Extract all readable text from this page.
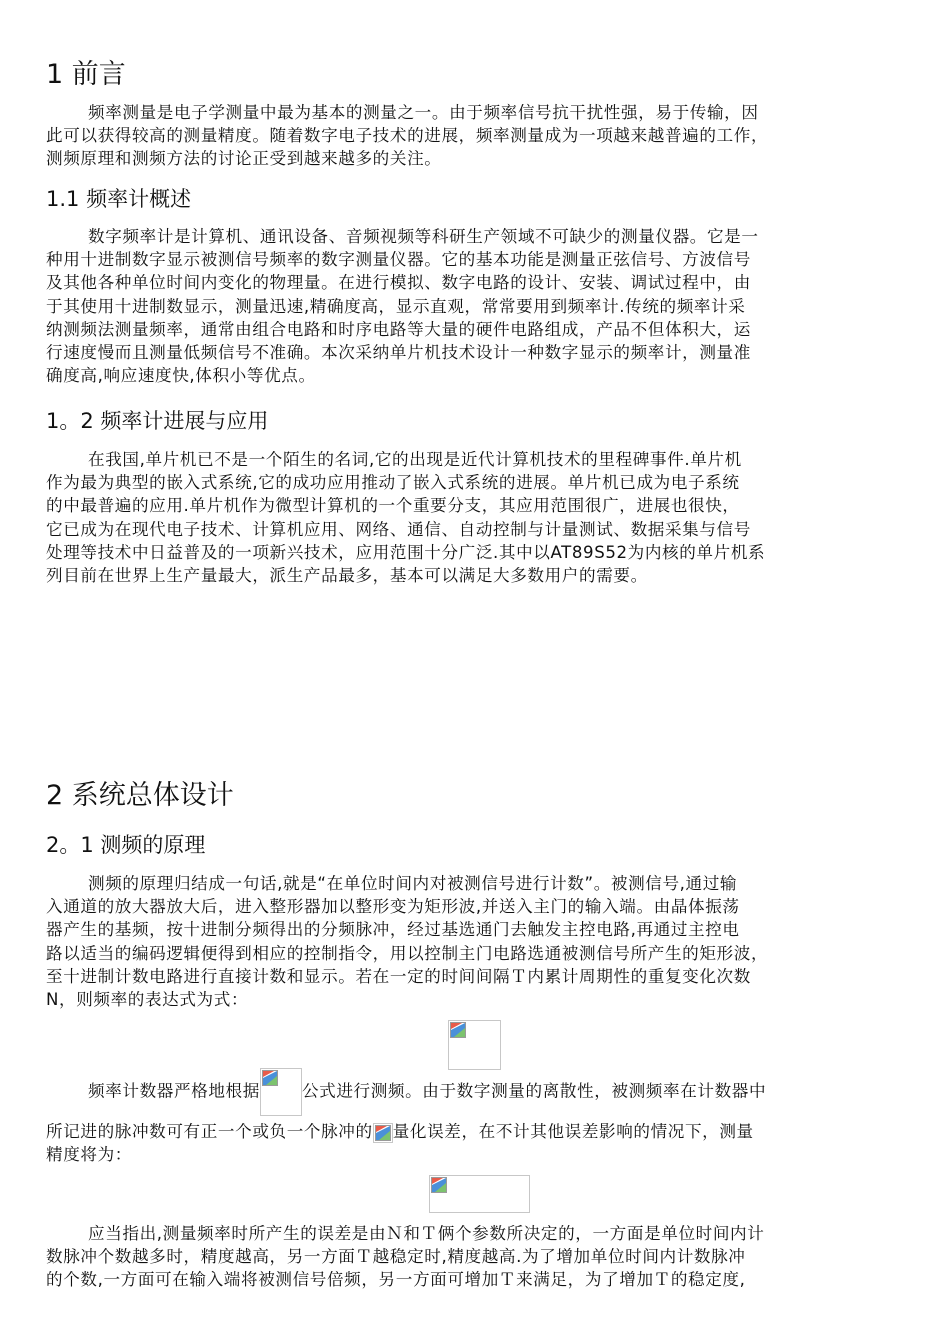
1 前言
频率测量是电子学测量中最为基本的测量之一。由于频率信号抗干扰性强，易于传输，因
此可以获得较高的测量精度。随着数字电子技术的进展，频率测量成为一项越来越普遍的工作，
测频原理和测频方法的讨论正受到越来越多的关注。
1.1 频率计概述
数字频率计是计算机、通讯设备、音频视频等科研生产领域不可缺少的测量仪器。它是一
种用十进制数字显示被测信号频率的数字测量仪器。它的基本功能是测量正弦信号、方波信号
及其他各种单位时间内变化的物理量。在进行模拟、数字电路的设计、安装、调试过程中，由
于其使用十进制数显示，测量迅速,精确度高，显示直观，常常要用到频率计.传统的频率计采
纳测频法测量频率，通常由组合电路和时序电路等大量的硬件电路组成，产品不但体积大，运
行速度慢而且测量低频信号不准确。本次采纳单片机技术设计一种数字显示的频率计，测量准
确度高,响应速度快,体积小等优点。
1。2 频率计进展与应用
在我国,单片机已不是一个陌生的名词,它的出现是近代计算机技术的里程碑事件.单片机
作为最为典型的嵌入式系统,它的成功应用推动了嵌入式系统的进展。单片机已成为电子系统
的中最普遍的应用.单片机作为微型计算机的一个重要分支，其应用范围很广，进展也很快，
它已成为在现代电子技术、计算机应用、网络、通信、自动控制与计量测试、数据采集与信号
处理等技术中日益普及的一项新兴技术，应用范围十分广泛.其中以AT89S52为内核的单片机系
列目前在世界上生产量最大，派生产品最多，基本可以满足大多数用户的需要。
2 系统总体设计
2。1 测频的原理
测频的原理归结成一句话,就是“在单位时间内对被测信号进行计数”。被测信号,通过输
入通道的放大器放大后，进入整形器加以整形变为矩形波,并送入主门的输入端。由晶体振荡
器产生的基频，按十进制分频得出的分频脉冲，经过基选通门去触发主控电路,再通过主控电
路以适当的编码逻辑便得到相应的控制指令，用以控制主门电路选通被测信号所产生的矩形波，
至十进制计数电路进行直接计数和显示。若在一定的时间间隔Ｔ内累计周期性的重复变化次数
N，则频率的表达式为式：
频率计数器严格地根据	公式进行测频。由于数字测量的离散性，被测频率在计数器中
所记进的脉冲数可有正一个或负一个脉冲的 量化误差，在不计其他误差影响的情况下，测量
精度将为：
应当指出,测量频率时所产生的误差是由Ｎ和Ｔ俩个参数所决定的，一方面是单位时间内计
数脉冲个数越多时，精度越高，另一方面Ｔ越稳定时,精度越高.为了增加单位时间内计数脉冲
的个数,一方面可在输入端将被测信号倍频，另一方面可增加Ｔ来满足，为了增加Ｔ的稳定度,
